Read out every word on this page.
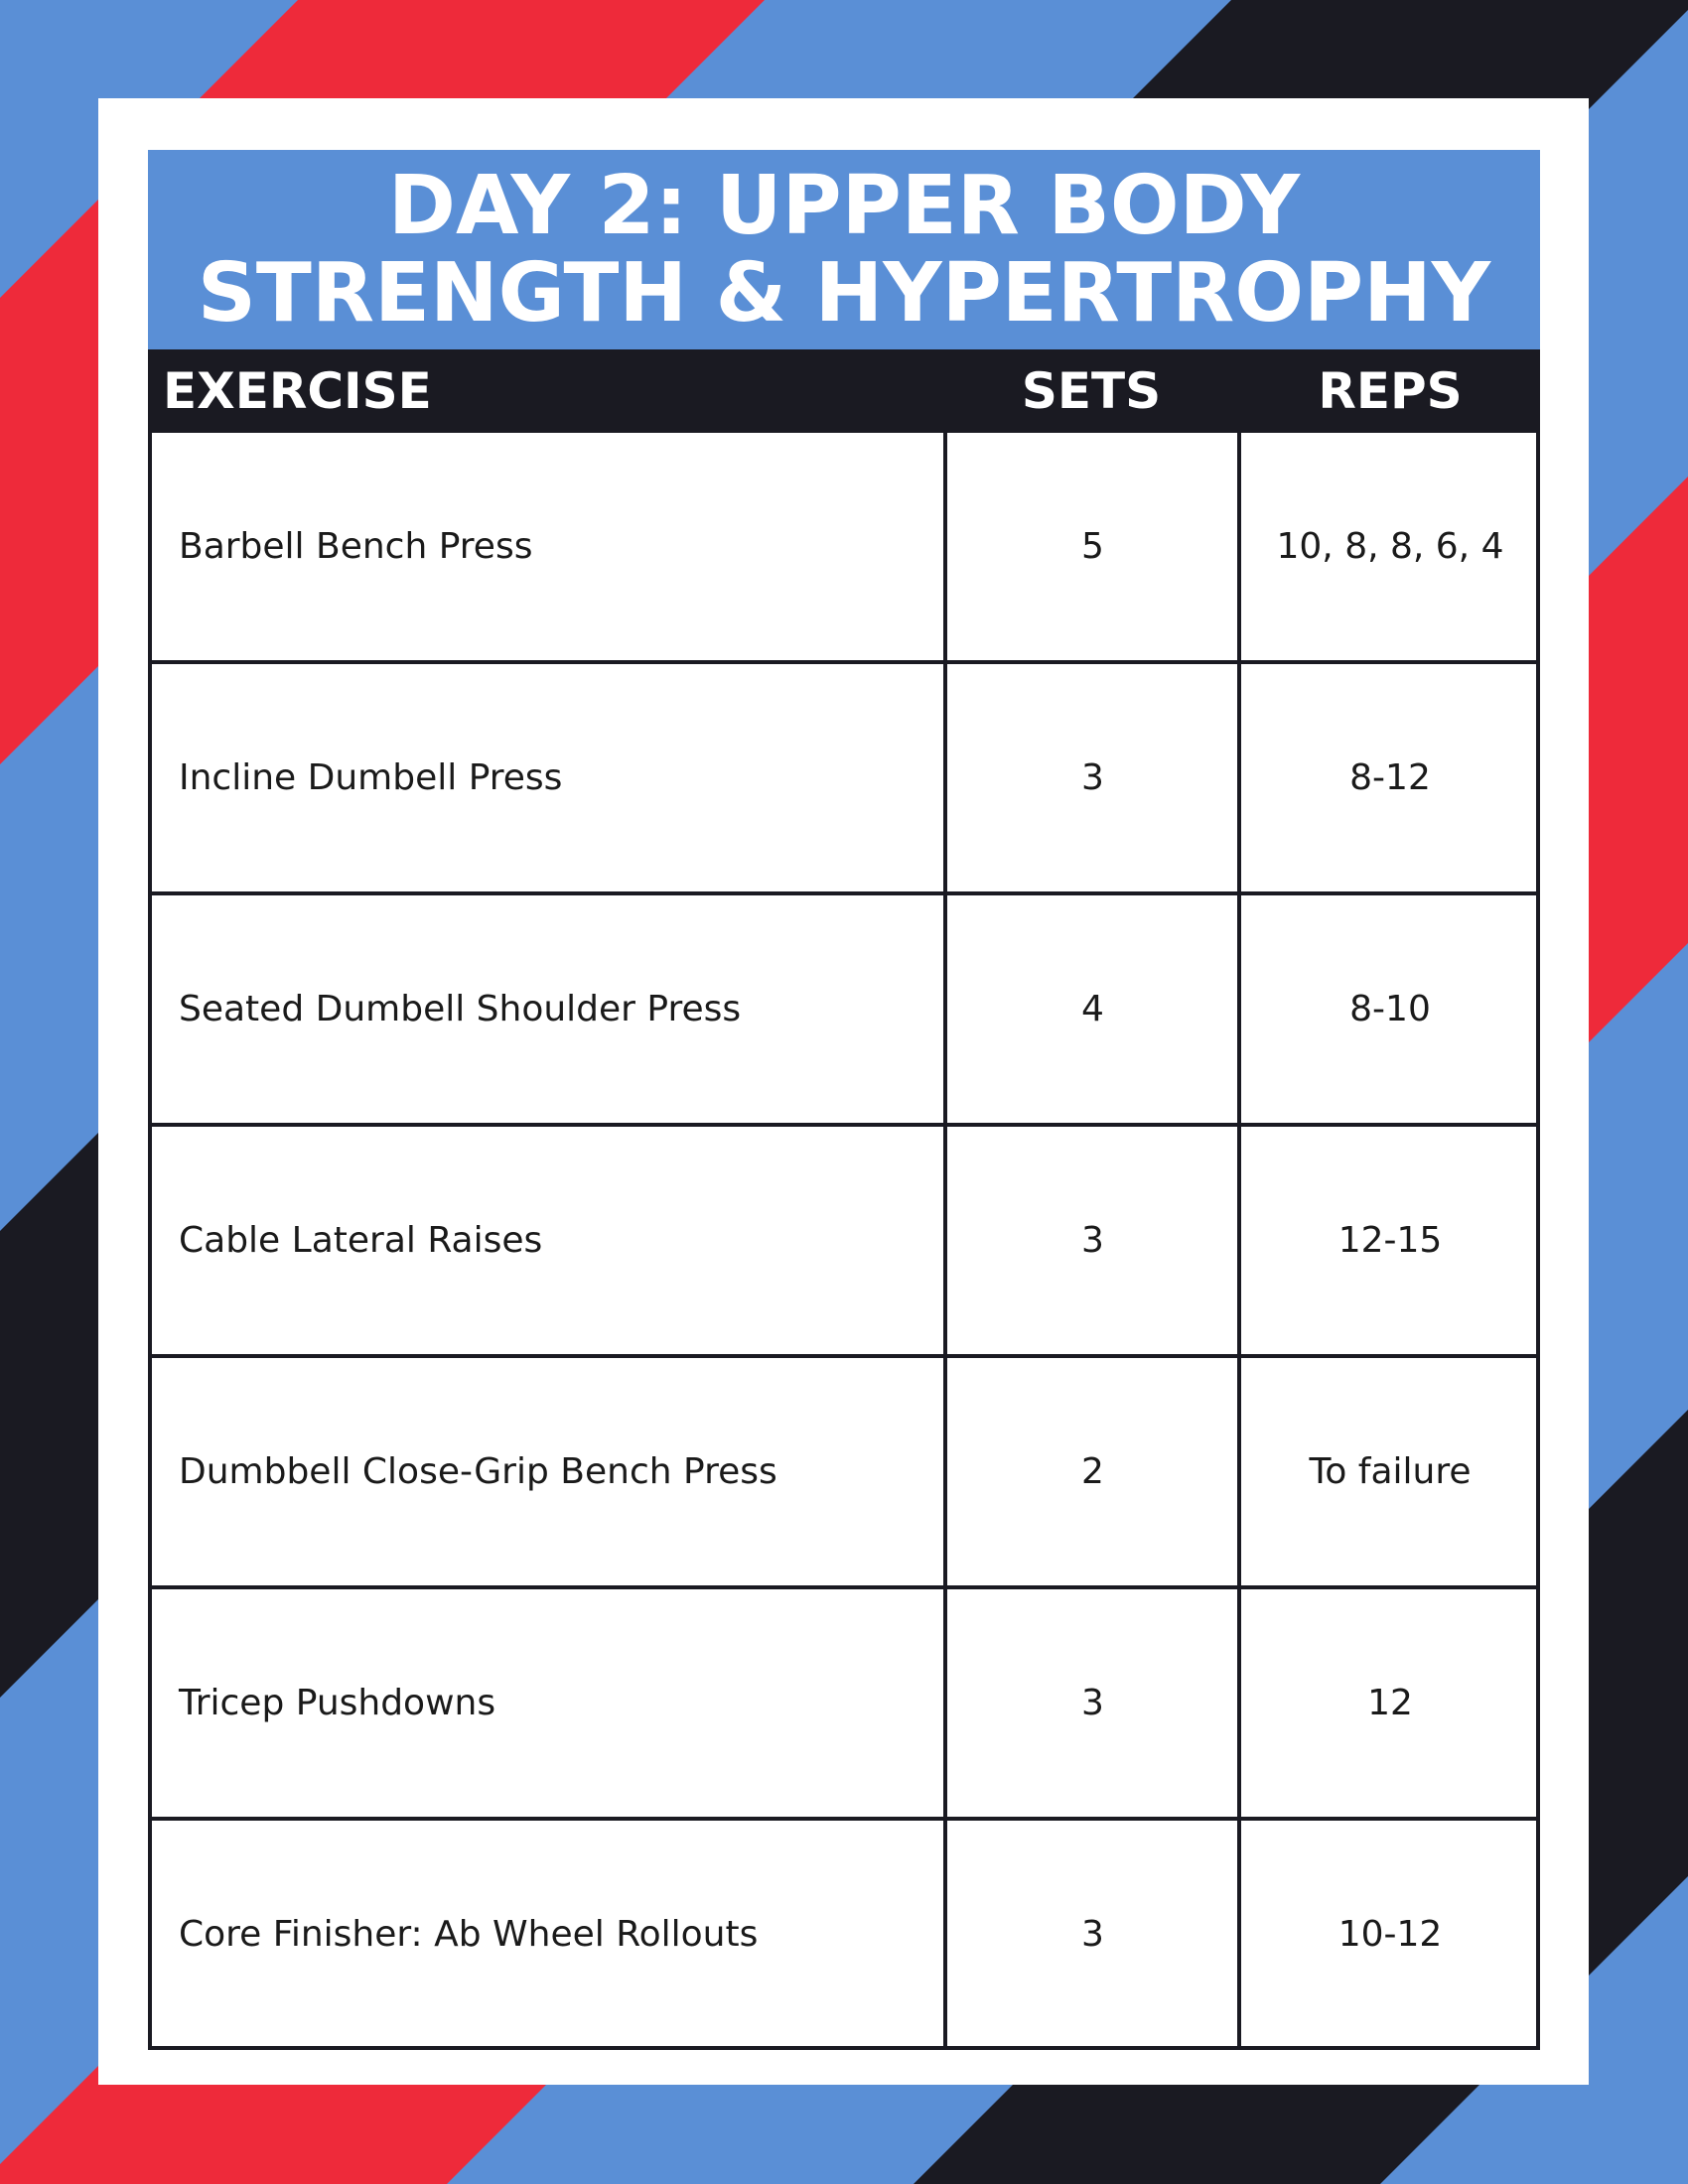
DAY 2: UPPER BODY
STRENGTH & HYPERTROPHY
EXERCISE	SETS	REPS
Barbell Bench Press	5	10, 8, 8, 6, 4
Incline Dumbell Press	3	8-12
Seated Dumbell Shoulder Press	4	8-10
Cable Lateral Raises	3	12-15
Dumbbell Close-Grip Bench Press	2	To failure
Tricep Pushdowns	3	12
Core Finisher: Ab Wheel Rollouts	3	10-12
